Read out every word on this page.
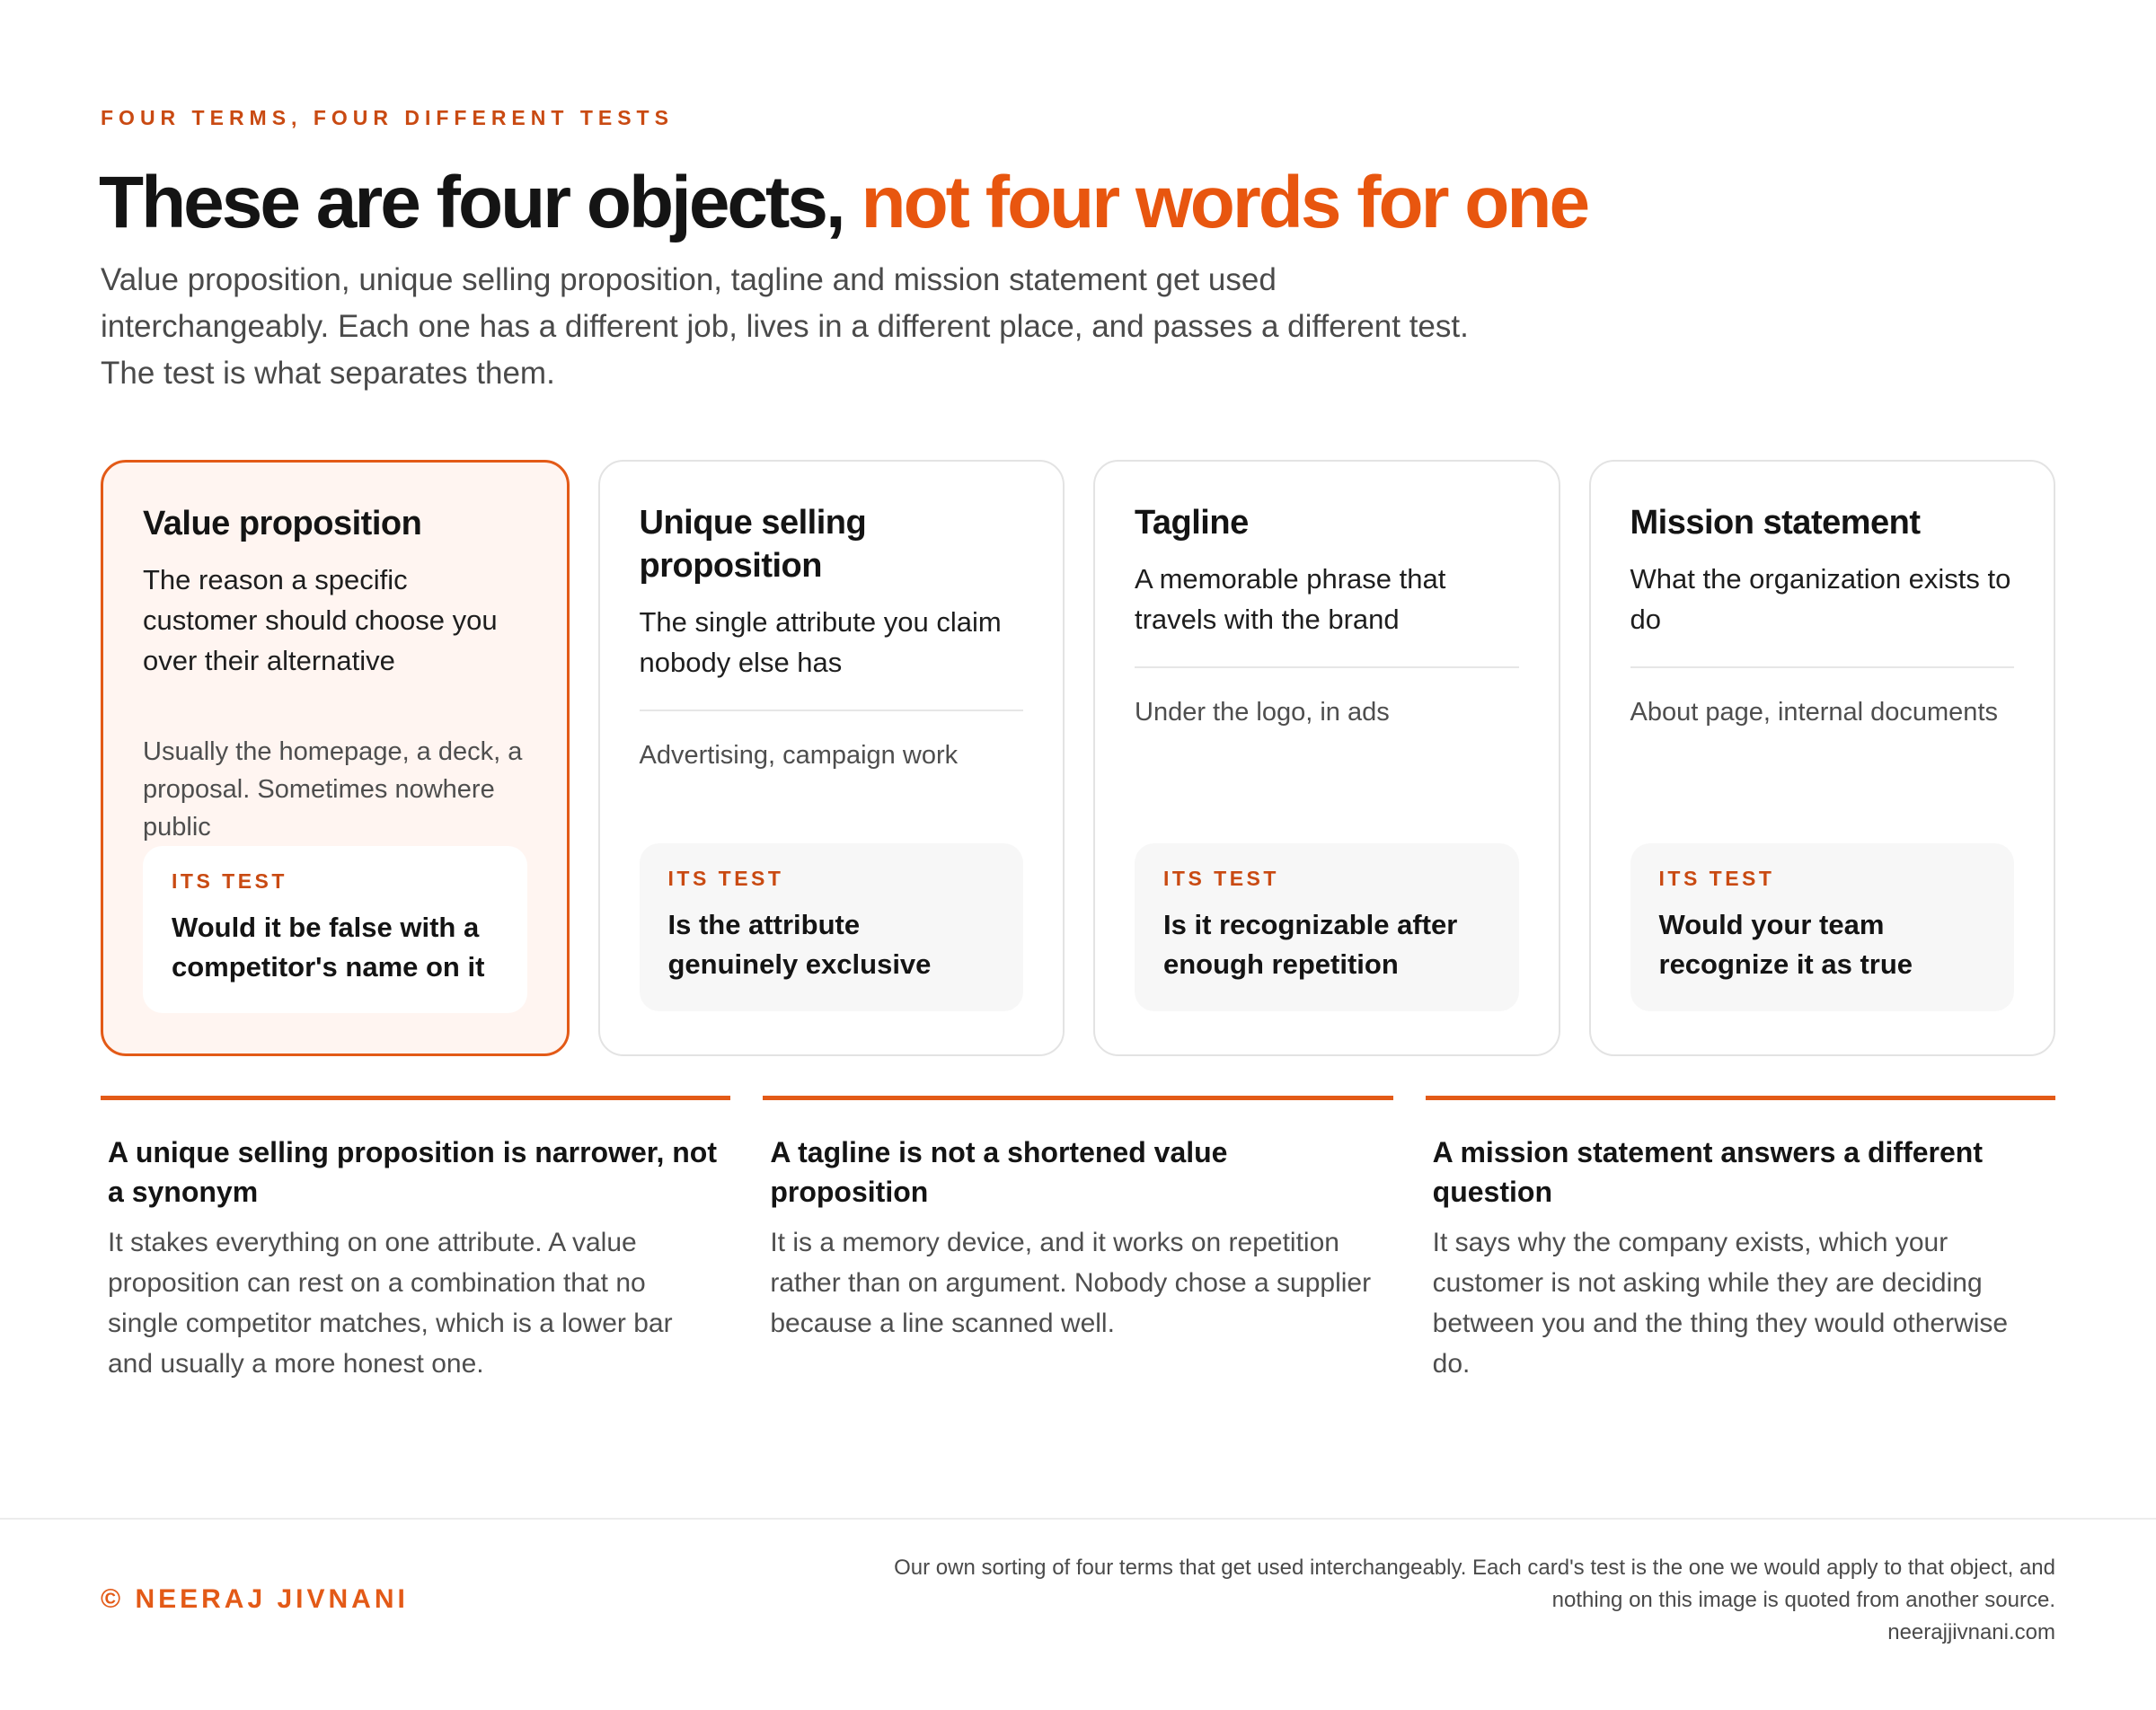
FOUR TERMS, FOUR DIFFERENT TESTS
These are four objects, not four words for one

Value proposition, unique selling proposition, tagline and mission statement get used interchangeably. Each one has a different job, lives in a different place, and passes a different test. The test is what separates them.

Value proposition
The reason a specific customer should choose you over their alternative
Usually the homepage, a deck, a proposal. Sometimes nowhere public
ITS TEST
Would it be false with a competitor's name on it
Unique selling proposition
The single attribute you claim nobody else has
Advertising, campaign work
ITS TEST
Is the attribute genuinely exclusive
Tagline
A memorable phrase that travels with the brand
Under the logo, in ads
ITS TEST
Is it recognizable after enough repetition
Mission statement
What the organization exists to do
About page, internal documents
ITS TEST
Would your team recognize it as true
A unique selling proposition is narrower, not a synonym
It stakes everything on one attribute. A value proposition can rest on a combination that no single competitor matches, which is a lower bar and usually a more honest one.
A tagline is not a shortened value proposition
It is a memory device, and it works on repetition rather than on argument. Nobody chose a supplier because a line scanned well.
A mission statement answers a different question
It says why the company exists, which your customer is not asking while they are deciding between you and the thing they would otherwise do.
© NEERAJ JIVNANI
Our own sorting of four terms that get used interchangeably. Each card's test is the one we would apply to that object, and
nothing on this image is quoted from another source.
neerajjivnani.com
